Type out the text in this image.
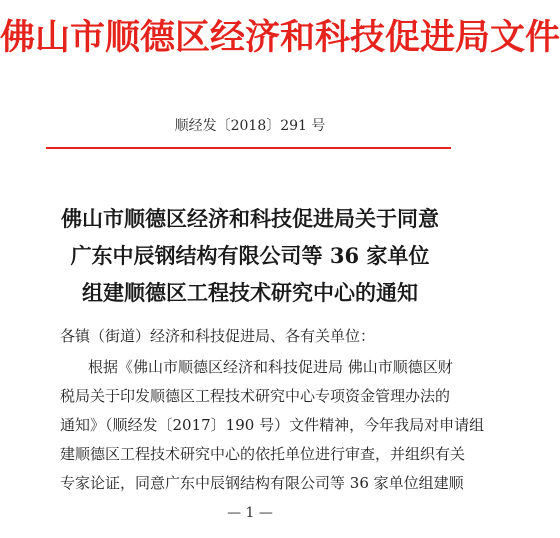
佛山市顺德区经济和科技促进局文件
顺经发〔2018〕291 号
佛山市顺德区经济和科技促进局关于同意
广东中辰钢结构有限公司等 36 家单位
组建顺德区工程技术研究中心的通知
各镇（街道）经济和科技促进局、各有关单位：
根据《佛山市顺德区经济和科技促进局 佛山市顺德区财
税局关于印发顺德区工程技术研究中心专项资金管理办法的
通知》（顺经发〔2017〕190 号）文件精神，今年我局对申请组
建顺德区工程技术研究中心的依托单位进行审查，并组织有关
专家论证，同意广东中辰钢结构有限公司等 36 家单位组建顺
— 1 —
